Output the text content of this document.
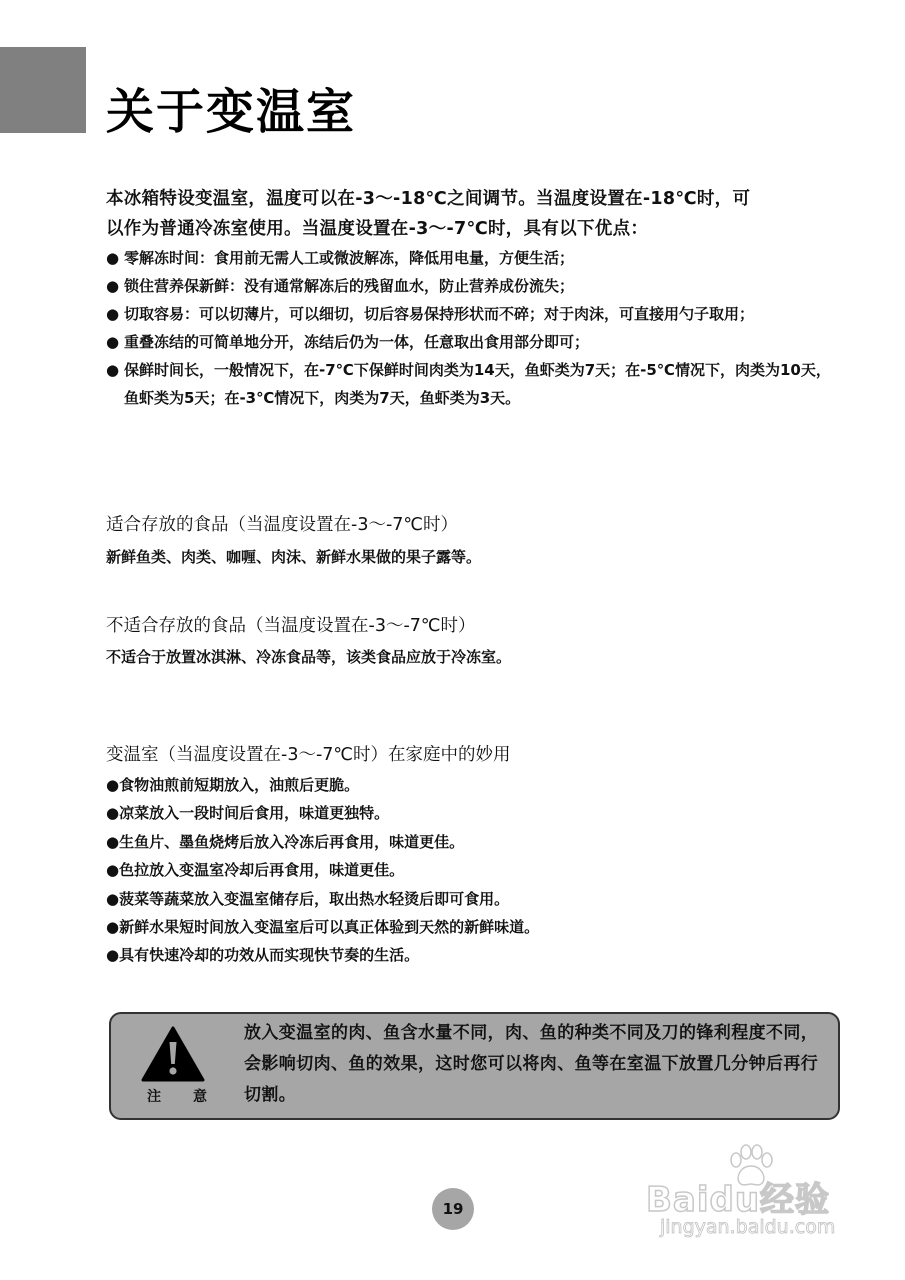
关于变温室

本冰箱特设变温室，温度可以在-3～-18℃之间调节。当温度设置在-18℃时，可

以作为普通冷冻室使用。当温度设置在-3～-7℃时，具有以下优点：

● 零解冻时间：食用前无需人工或微波解冻，降低用电量，方便生活；
● 锁住营养保新鲜：没有通常解冻后的残留血水，防止营养成份流失；
● 切取容易：可以切薄片，可以细切，切后容易保持形状而不碎；对于肉沫，可直接用勺子取用；
● 重叠冻结的可简单地分开，冻结后仍为一体，任意取出食用部分即可；
● 保鲜时间长，一般情况下，在-7℃下保鲜时间肉类为14天，鱼虾类为7天；在-5℃情况下，肉类为10天，鱼虾类为5天；在-3℃情况下，肉类为7天，鱼虾类为3天。
适合存放的食品（当温度设置在-3～-7℃时）

新鲜鱼类、肉类、咖喱、肉沫、新鲜水果做的果子露等。

不适合存放的食品（当温度设置在-3～-7℃时）

不适合于放置冰淇淋、冷冻食品等，该类食品应放于冷冻室。

变温室（当温度设置在-3～-7℃时）在家庭中的妙用
●食物油煎前短期放入，油煎后更脆。
●凉菜放入一段时间后食用，味道更独特。
●生鱼片、墨鱼烧烤后放入冷冻后再食用，味道更佳。
●色拉放入变温室冷却后再食用，味道更佳。
●菠菜等蔬菜放入变温室储存后，取出热水轻烫后即可食用。
●新鲜水果短时间放入变温室后可以真正体验到天然的新鲜味道。
●具有快速冷却的功效从而实现快节奏的生活。
注 意

放入变温室的肉、鱼含水量不同，肉、鱼的种类不同及刀的锋利程度不同，会影响切肉、鱼的效果，这时您可以将肉、鱼等在室温下放置几分钟后再行切割。

19	Baidu经验
jingyan.baidu.com
